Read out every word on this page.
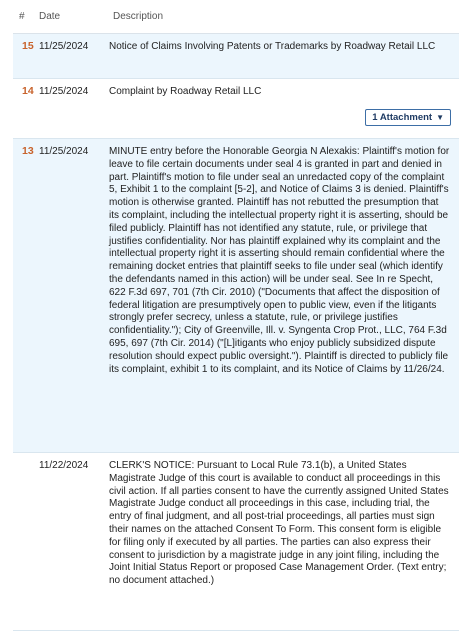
#	Date	Description
15 11/25/2024	Notice of Claims Involving Patents or Trademarks by Roadway Retail LLC
14 11/25/2024	Complaint by Roadway Retail LLC
1 Attachment ▼
13 11/25/2024	MINUTE entry before the Honorable Georgia N Alexakis: Plaintiff's motion for leave to file certain documents under seal 4 is granted in part and denied in part. Plaintiff's motion to file under seal an unredacted copy of the complaint 5, Exhibit 1 to the complaint [5-2], and Notice of Claims 3 is denied. Plaintiff's motion is otherwise granted. Plaintiff has not rebutted the presumption that its complaint, including the intellectual property right it is asserting, should be filed publicly. Plaintiff has not identified any statute, rule, or privilege that justifies confidentiality. Nor has plaintiff explained why its complaint and the intellectual property right it is asserting should remain confidential where the remaining docket entries that plaintiff seeks to file under seal (which identify the defendants named in this action) will be under seal. See In re Specht, 622 F.3d 697, 701 (7th Cir. 2010) ("Documents that affect the disposition of federal litigation are presumptively open to public view, even if the litigants strongly prefer secrecy, unless a statute, rule, or privilege justifies confidentiality."); City of Greenville, Ill. v. Syngenta Crop Prot., LLC, 764 F.3d 695, 697 (7th Cir. 2014) ("[L]itigants who enjoy publicly subsidized dispute resolution should expect public oversight."). Plaintiff is directed to publicly file its complaint, exhibit 1 to its complaint, and its Notice of Claims by 11/26/24.
11/22/2024	CLERK'S NOTICE: Pursuant to Local Rule 73.1(b), a United States Magistrate Judge of this court is available to conduct all proceedings in this civil action. If all parties consent to have the currently assigned United States Magistrate Judge conduct all proceedings in this case, including trial, the entry of final judgment, and all post-trial proceedings, all parties must sign their names on the attached Consent To Form. This consent form is eligible for filing only if executed by all parties. The parties can also express their consent to jurisdiction by a magistrate judge in any joint filing, including the Joint Initial Status Report or proposed Case Management Order. (Text entry; no document attached.)
